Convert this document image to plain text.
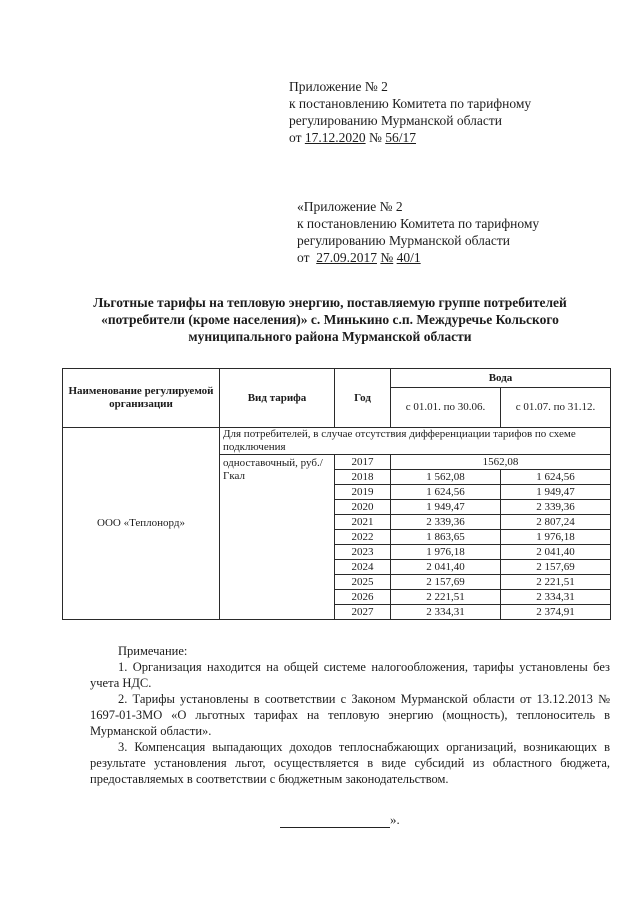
Приложение № 2
к постановлению Комитета по тарифному
регулированию Мурманской области
от 17.12.2020 № 56/17
«Приложение № 2
к постановлению Комитета по тарифному
регулированию Мурманской области
от 27.09.2017 № 40/1
Льготные тарифы на тепловую энергию, поставляемую группе потребителей
«потребители (кроме населения)» с. Минькино с.п. Междуречье Кольского
муниципального района Мурманской области
Наименование регулируемой организации	Вид тарифа	Год	Вода	
			с 01.01. по 30.06.	с 01.07. по 31.12.
ООО «Теплонорд»	Для потребителей, в случае отсутствия дифференциации тарифов по схеме подключения			
	одноставочный, руб./Гкал	2017	1562,08	
		2018	1 562,08	1 624,56
		2019	1 624,56	1 949,47
		2020	1 949,47	2 339,36
		2021	2 339,36	2 807,24
		2022	1 863,65	1 976,18
		2023	1 976,18	2 041,40
		2024	2 041,40	2 157,69
		2025	2 157,69	2 221,51
		2026	2 221,51	2 334,31
		2027	2 334,31	2 374,91

Примечание:

1. Организация находится на общей системе налогообложения, тарифы установлены без учета НДС.

2. Тарифы установлены в соответствии с Законом Мурманской области от 13.12.2013 № 1697-01-ЗМО «О льготных тарифах на тепловую энергию (мощность), теплоноситель в Мурманской области».

3. Компенсация выпадающих доходов теплоснабжающих организаций, возникающих в результате установления льгот, осуществляется в виде субсидий из областного бюджета, предоставляемых в соответствии с бюджетным законодательством.

».
